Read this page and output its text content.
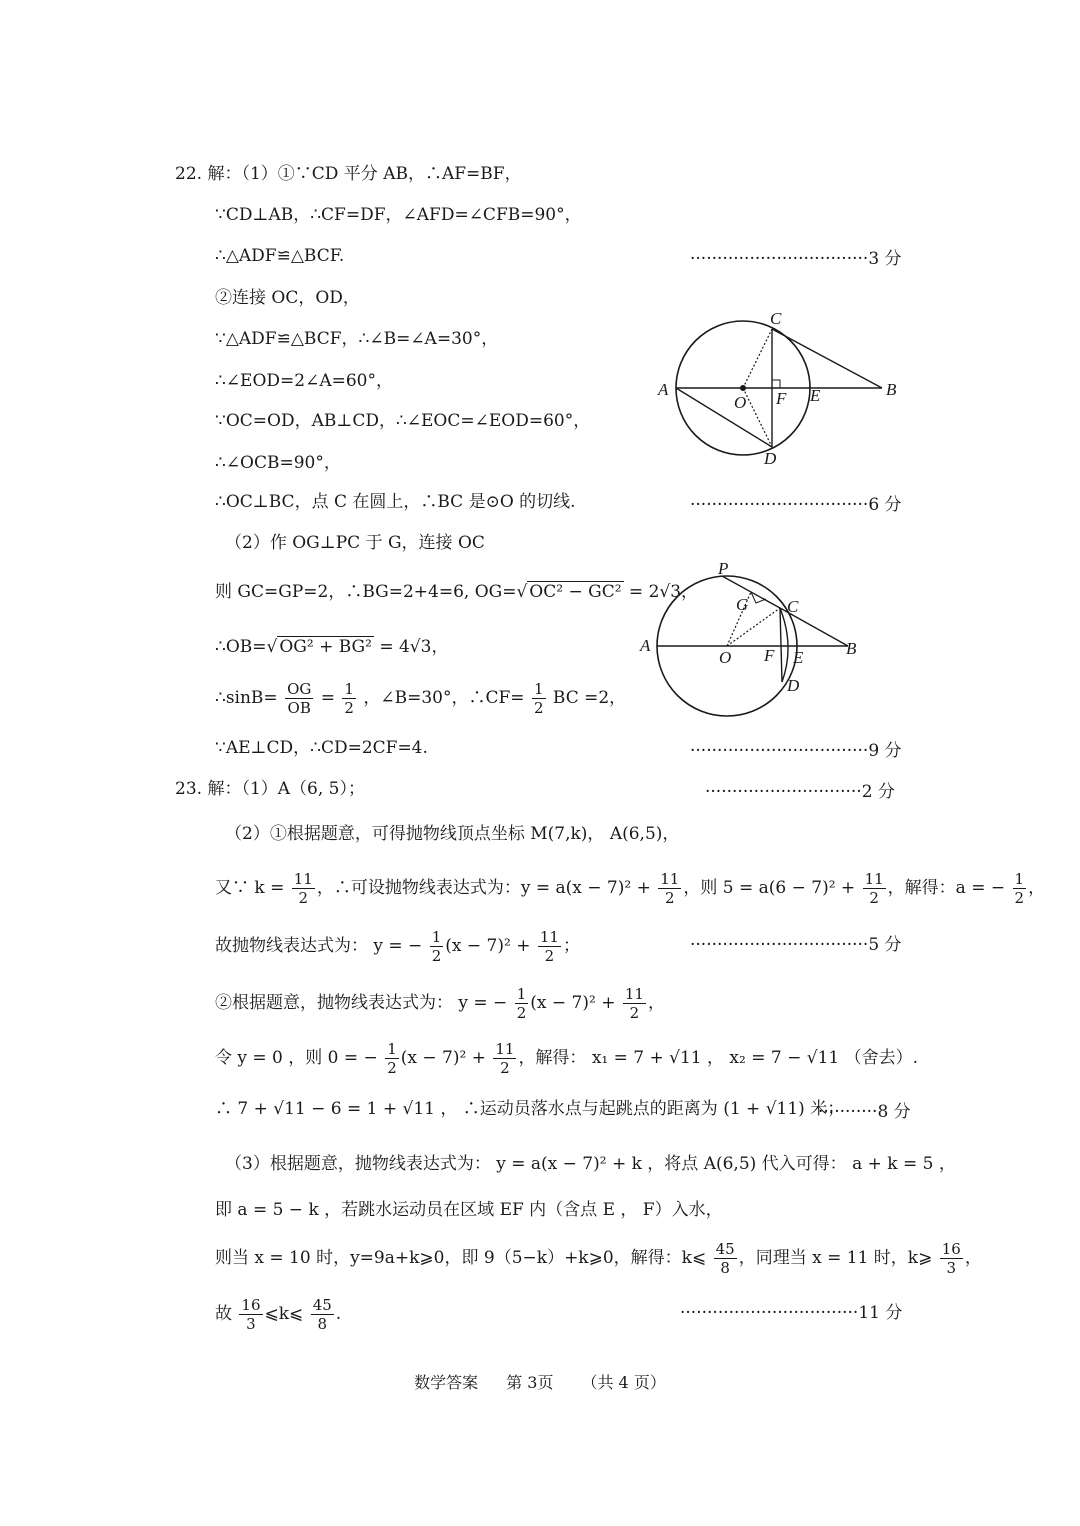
22. 解：（1）①∵CD 平分 AB，∴AF=BF，
∵CD⊥AB，∴CF=DF，∠AFD=∠CFB=90°，
∴△ADF≌△BCF.	·································3 分
②连接 OC，OD，
∵△ADF≌△BCF，∴∠B=∠A=30°，
∴∠EOD=2∠A=60°，
∵OC=OD，AB⊥CD，∴∠EOC=∠EOD=60°，
∴∠OCB=90°，
∴OC⊥BC，点 C 在圆上，∴BC 是⊙O 的切线.	·································6 分
（2）作 OG⊥PC 于 G，连接 OC
则 GC=GP=2，∴BG=2+4=6, OG=√ OC² − GC² = 2√3，
∴OB=√ OG² + BG² = 4√3，
∴sinB= $\frac{OG}{OB} = \frac{1}{2}$ ，∠B=30°，∴CF= $\frac{1}{2}$ BC =2，
∵AE⊥CD，∴CD=2CF=4.	·································9 分
C
A	B
O F E
D
P
G C
A	B
O F E
D
23. 解：（1）A（6, 5）；	·····························2 分
（2）①根据题意，可得抛物线顶点坐标 M(7,k)， A(6,5)，
又∵ $k = \frac{11}{2}$ ，∴可设抛物线表达式为：$y = a(x - 7)^2 + \frac{11}{2}$ ，则 $5 = a(6 - 7)^2 + \frac{11}{2}$ ，解得：a = − $\frac{1}{2}$ ，
故抛物线表达式为： y = − $\frac{1}{2} (x - 7)^2 + \frac{11}{2}$ ；	·································5 分
②根据题意，抛物线表达式为： y = − $\frac{1}{2} (x - 7)^2 + \frac{11}{2}$ ，
令 y = 0 ，则 0 = − $\frac{1}{2} (x - 7)^2 + \frac{11}{2}$ ，解得： x₁ = 7 + √11 ， x₂ = 7 − √11 （舍去）.
∴ 7 + √11 − 6 = 1 + √11 ， ∴运动员落水点与起跳点的距离为 (1 + √11) 米；
···········8 分
（3）根据题意，抛物线表达式为： y = a(x − 7)² + k ，将点 A(6,5) 代入可得： a + k = 5 ，
即 a = 5 − k ，若跳水运动员在区域 EF 内（含点 E ， F）入水，
则当 x = 10 时，y=9a+k⩾0，即 9（5−k）+k⩾0，解得：k⩽ $\frac{45}{8}$ ，同理当 x = 11 时，k⩾ $\frac{16}{3}$ ，
故 $\frac{16}{3}$ ⩽k⩽ $\frac{45}{8}$ .	·································11 分
数学答案 第 3页 （共 4 页）
